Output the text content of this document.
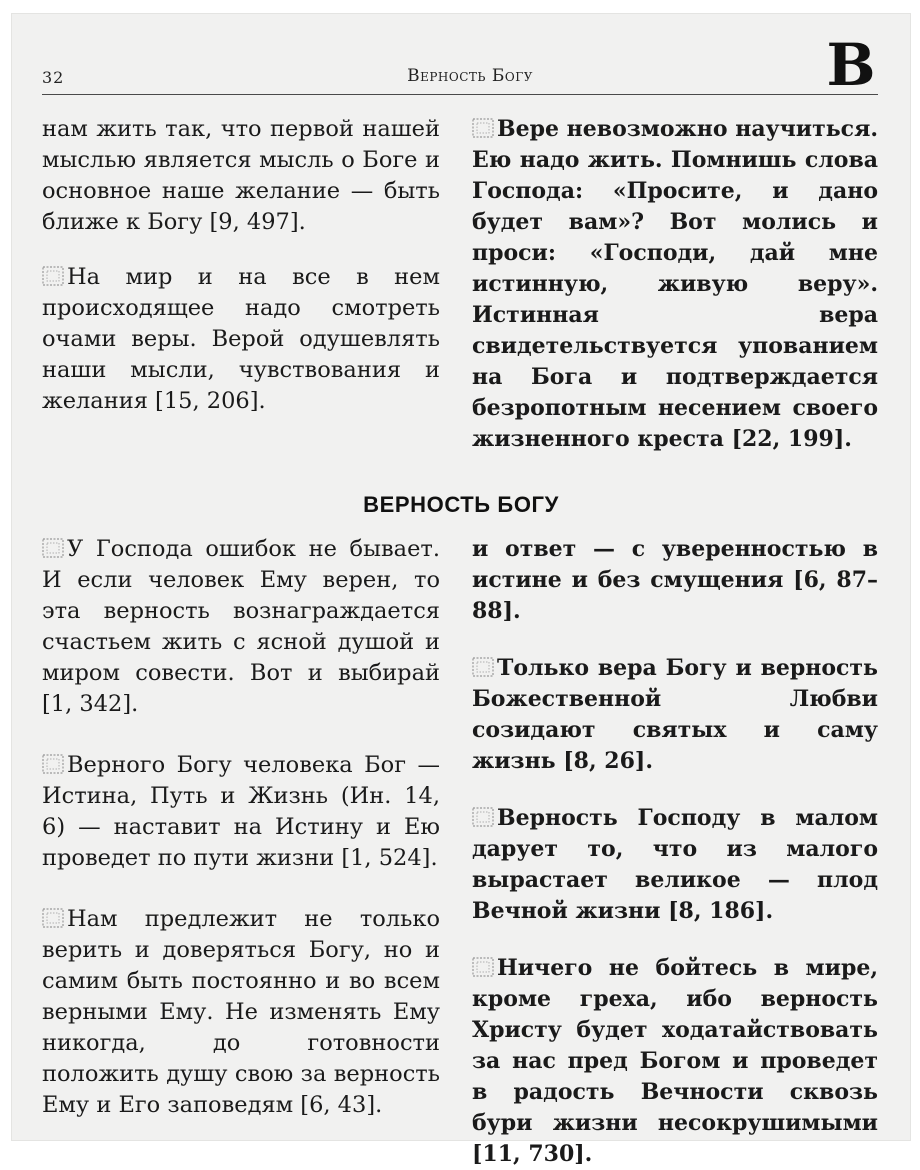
32	Верность Богу	В

нам жить так, что первой нашей мыслью является мысль о Боге и основное наше желание — быть ближе к Богу [9, 497].

На мир и на все в нем происходящее надо смотреть очами веры. Верой одушевлять наши мысли, чувствования и желания [15, 206].

Вере невозможно научиться. Ею надо жить. Помнишь слова Господа: «Просите, и дано будет вам»? Вот молись и проси: «Господи, дай мне истинную, живую веру». Истинная вера свидетельствуется упованием на Бога и подтверждается безропотным несением своего жизненного креста [22, 199].

ВЕРНОСТЬ БОГУ

У Господа ошибок не бывает. И если человек Ему верен, то эта верность вознаграждается счастьем жить с ясной душой и миром совести. Вот и выбирай [1, 342].

Верного Богу человека Бог — Истина, Путь и Жизнь (Ин. 14, 6) — наставит на Истину и Ею проведет по пути жизни [1, 524].

Нам предлежит не только верить и доверяться Богу, но и самим быть постоянно и во всем верными Ему. Не изменять Ему никогда, до готовности положить душу свою за верность Ему и Его заповедям [6, 43].

и ответ — с уверенностью в истине и без смущения [6, 87–88].

Только вера Богу и верность Божественной Любви созидают святых и саму жизнь [8, 26].

Верность Господу в малом дарует то, что из малого вырастает великое — плод Вечной жизни [8, 186].

Ничего не бойтесь в мире, кроме греха, ибо верность Христу будет ходатайствовать за нас пред Богом и проведет в радость Вечности сквозь бури жизни несокрушимыми [11, 730].
